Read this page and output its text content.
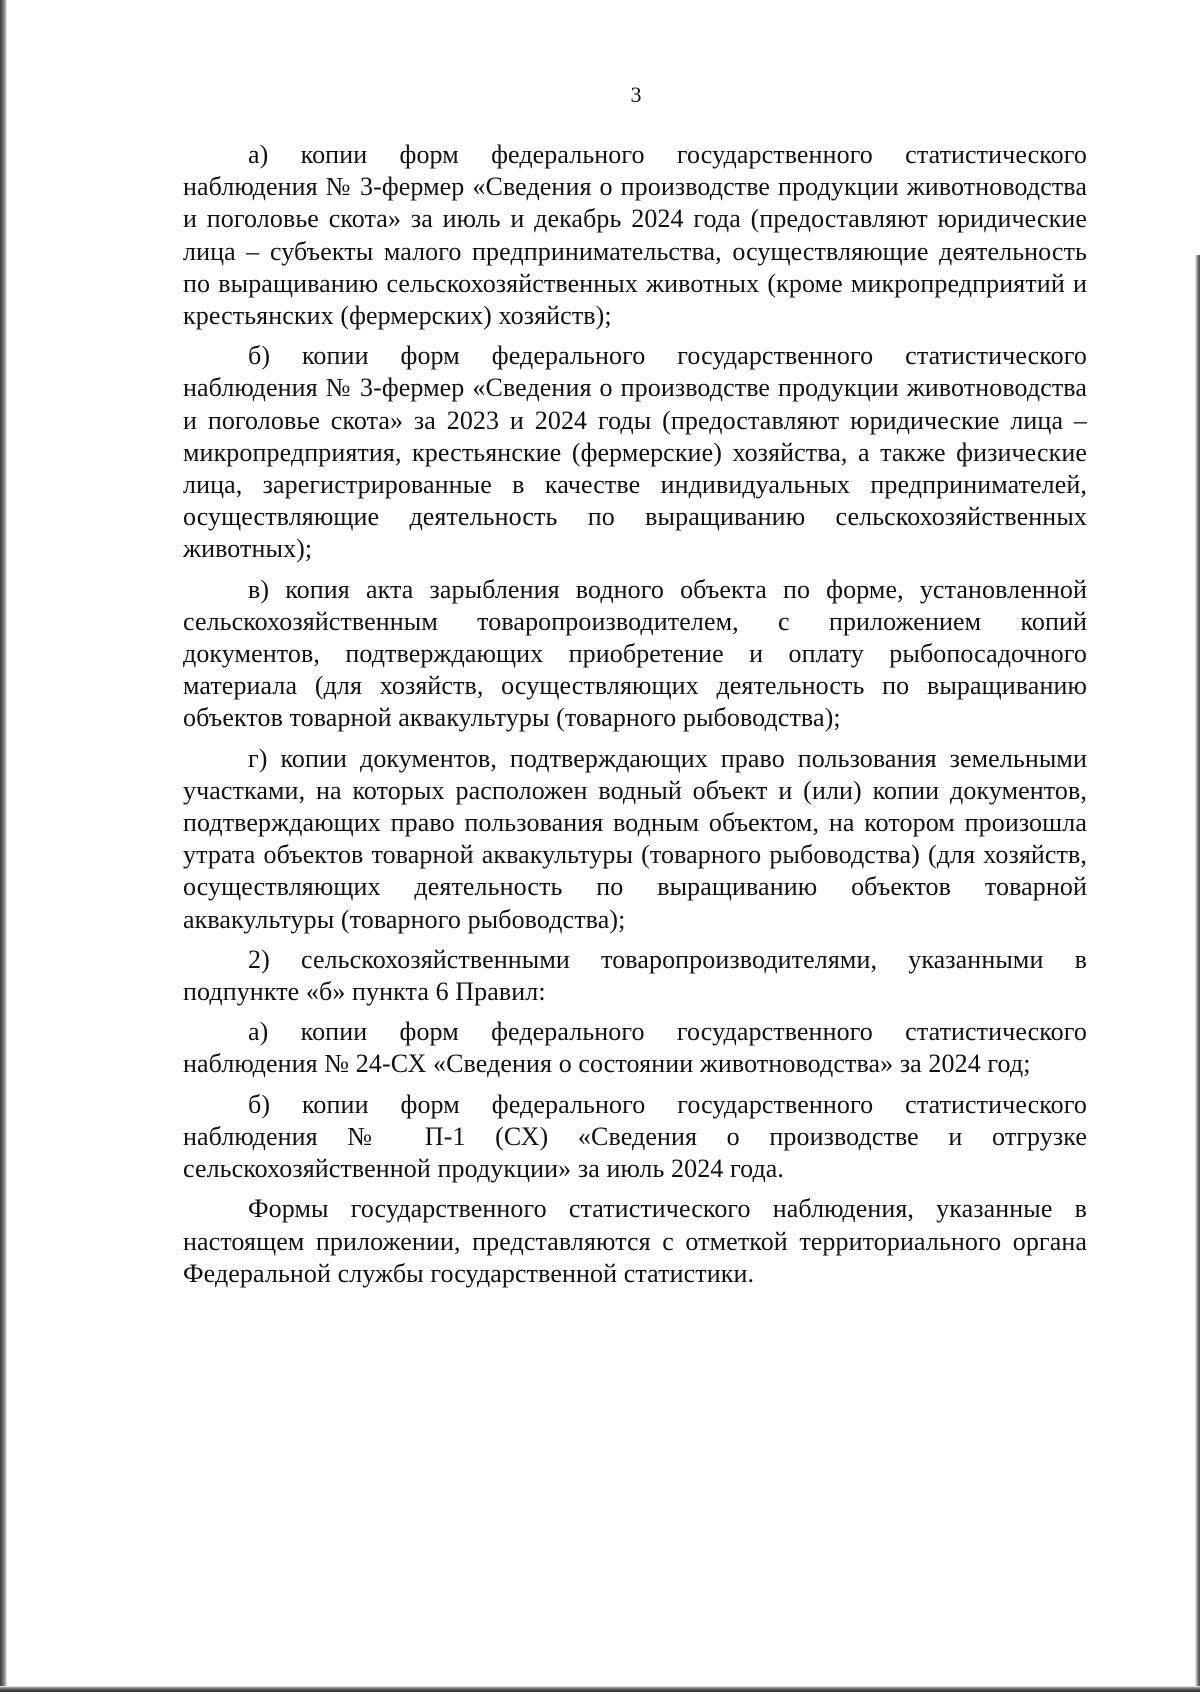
3

а) копии форм федерального государственного статистического наблюдения № 3-фермер «Сведения о производстве продукции животноводства и поголовье скота» за июль и декабрь 2024 года (предоставляют юридические лица – субъекты малого предпринимательства, осуществляющие деятельность по выращиванию сельскохозяйственных животных (кроме микропредприятий и крестьянских (фермерских) хозяйств);

б) копии форм федерального государственного статистического наблюдения № 3-фермер «Сведения о производстве продукции животноводства и поголовье скота» за 2023 и 2024 годы (предоставляют юридические лица – микропредприятия, крестьянские (фермерские) хозяйства, а также физические лица, зарегистрированные в качестве индивидуальных предпринимателей, осуществляющие деятельность по выращиванию сельскохозяйственных животных);

в) копия акта зарыбления водного объекта по форме, установленной сельскохозяйственным товаропроизводителем, с приложением копий документов, подтверждающих приобретение и оплату рыбопосадочного материала (для хозяйств, осуществляющих деятельность по выращиванию объектов товарной аквакультуры (товарного рыбоводства);

г) копии документов, подтверждающих право пользования земельными участками, на которых расположен водный объект и (или) копии документов, подтверждающих право пользования водным объектом, на котором произошла утрата объектов товарной аквакультуры (товарного рыбоводства) (для хозяйств, осуществляющих деятельность по выращиванию объектов товарной аквакультуры (товарного рыбоводства);

2) сельскохозяйственными товаропроизводителями, указанными в подпункте «б» пункта 6 Правил:

а) копии форм федерального государственного статистического наблюдения № 24-СХ «Сведения о состоянии животноводства» за 2024 год;

б) копии форм федерального государственного статистического наблюдения № П-1 (СХ) «Сведения о производстве и отгрузке сельскохозяйственной продукции» за июль 2024 года.

Формы государственного статистического наблюдения, указанные в настоящем приложении, представляются с отметкой территориального органа Федеральной службы государственной статистики.
